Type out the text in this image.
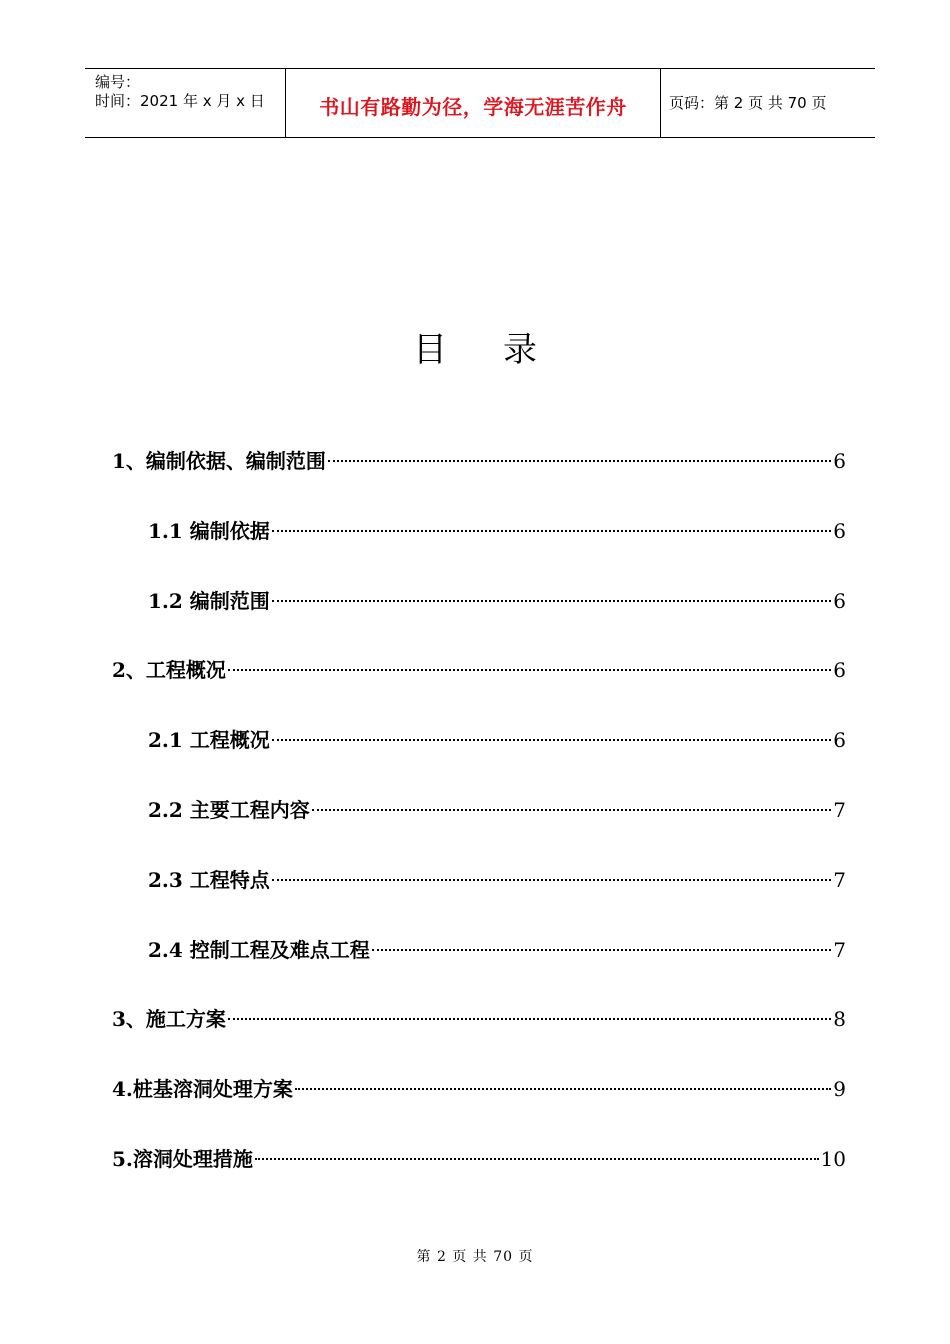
编号：
时间：2021 年 x 月 x 日	书山有路勤为径，学海无涯苦作舟	页码：第 2 页 共 70 页
目录
1、编制依据、编制范围	6
1.1 编制依据	6
1.2 编制范围	6
2、工程概况	6
2.1 工程概况	6
2.2 主要工程内容	7
2.3 工程特点	7
2.4 控制工程及难点工程	7
3、施工方案	8
4.桩基溶洞处理方案	9
5.溶洞处理措施	10
第 2 页 共 70 页
